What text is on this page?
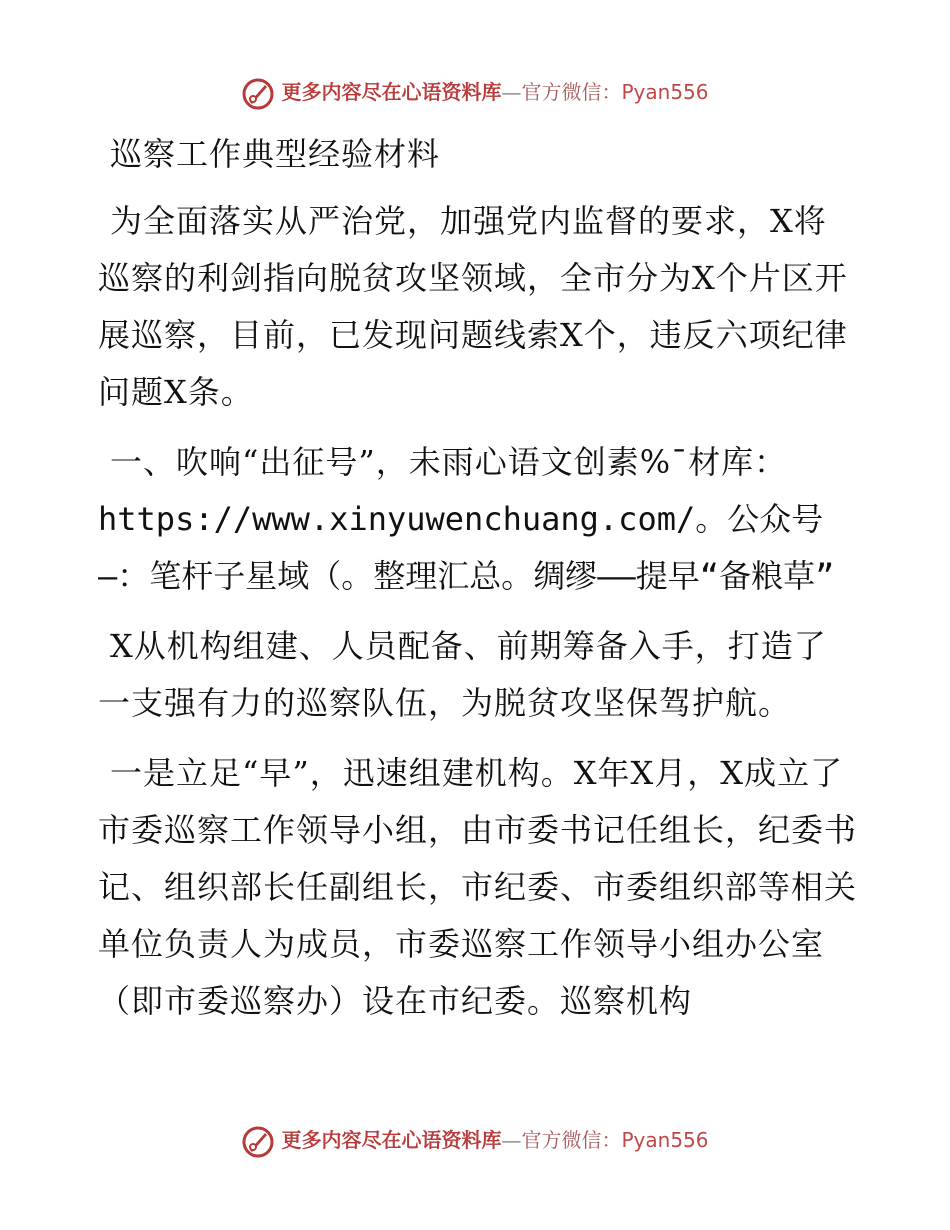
更多内容尽在心语资料库—官方微信：Pyan556
巡察工作典型经验材料

为全面落实从严治党，加强党内监督的要求，X将巡察的利剑指向脱贫攻坚领域，全市分为X个片区开展巡察，目前，已发现问题线索X个，违反六项纪律问题X条。

一、吹响“出征号”，未雨心语文创素%¯材库：
https://www.xinyuwenchuang.com/。公众号—：笔杆子星域（。整理汇总。绸缪——提早“备粮草”

X从机构组建、人员配备、前期筹备入手，打造了一支强有力的巡察队伍，为脱贫攻坚保驾护航。

一是立足“早”，迅速组建机构。X年X月，X成立了市委巡察工作领导小组，由市委书记任组长，纪委书记、组织部长任副组长，市纪委、市委组织部等相关单位负责人为成员，市委巡察工作领导小组办公室（即市委巡察办）设在市纪委。巡察机构

更多内容尽在心语资料库—官方微信：Pyan556
